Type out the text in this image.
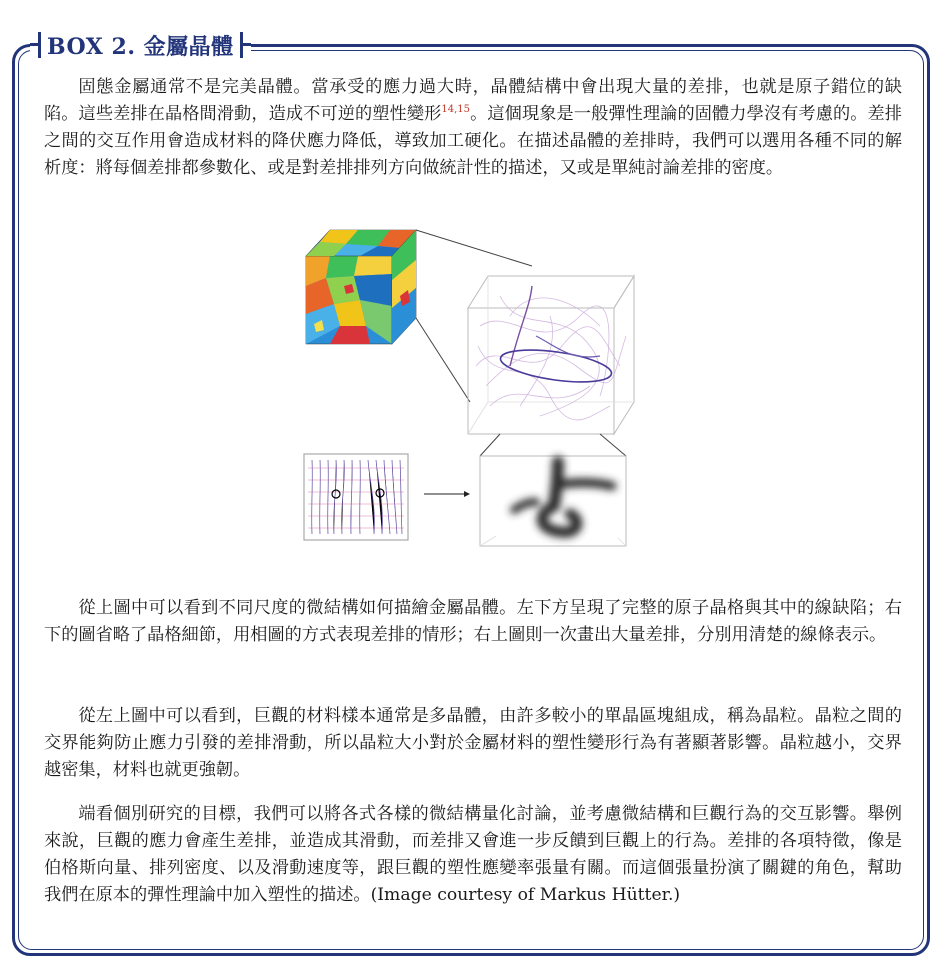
BOX 2. 金屬晶體

固態金屬通常不是完美晶體。當承受的應力過大時，晶體結構中會出現大量的差排，也就是原子錯位的缺陷。這些差排在晶格間滑動，造成不可逆的塑性變形$^{14,15}$。這個現象是一般彈性理論的固體力學沒有考慮的。差排之間的交互作用會造成材料的降伏應力降低，導致加工硬化。在描述晶體的差排時，我們可以選用各種不同的解析度：將每個差排都參數化、或是對差排排列方向做統計性的描述，又或是單純討論差排的密度。

從上圖中可以看到不同尺度的微結構如何描繪金屬晶體。左下方呈現了完整的原子晶格與其中的線缺陷；右下的圖省略了晶格細節，用相圖的方式表現差排的情形；右上圖則一次畫出大量差排，分別用清楚的線條表示。

從左上圖中可以看到，巨觀的材料樣本通常是多晶體，由許多較小的單晶區塊組成，稱為晶粒。晶粒之間的交界能夠防止應力引發的差排滑動，所以晶粒大小對於金屬材料的塑性變形行為有著顯著影響。晶粒越小，交界越密集，材料也就更強韌。

端看個別研究的目標，我們可以將各式各樣的微結構量化討論，並考慮微結構和巨觀行為的交互影響。舉例來說，巨觀的應力會產生差排，並造成其滑動，而差排又會進一步反饋到巨觀上的行為。差排的各項特徵，像是伯格斯向量、排列密度、以及滑動速度等，跟巨觀的塑性應變率張量有關。而這個張量扮演了關鍵的角色，幫助我們在原本的彈性理論中加入塑性的描述。(Image courtesy of Markus Hütter.)
